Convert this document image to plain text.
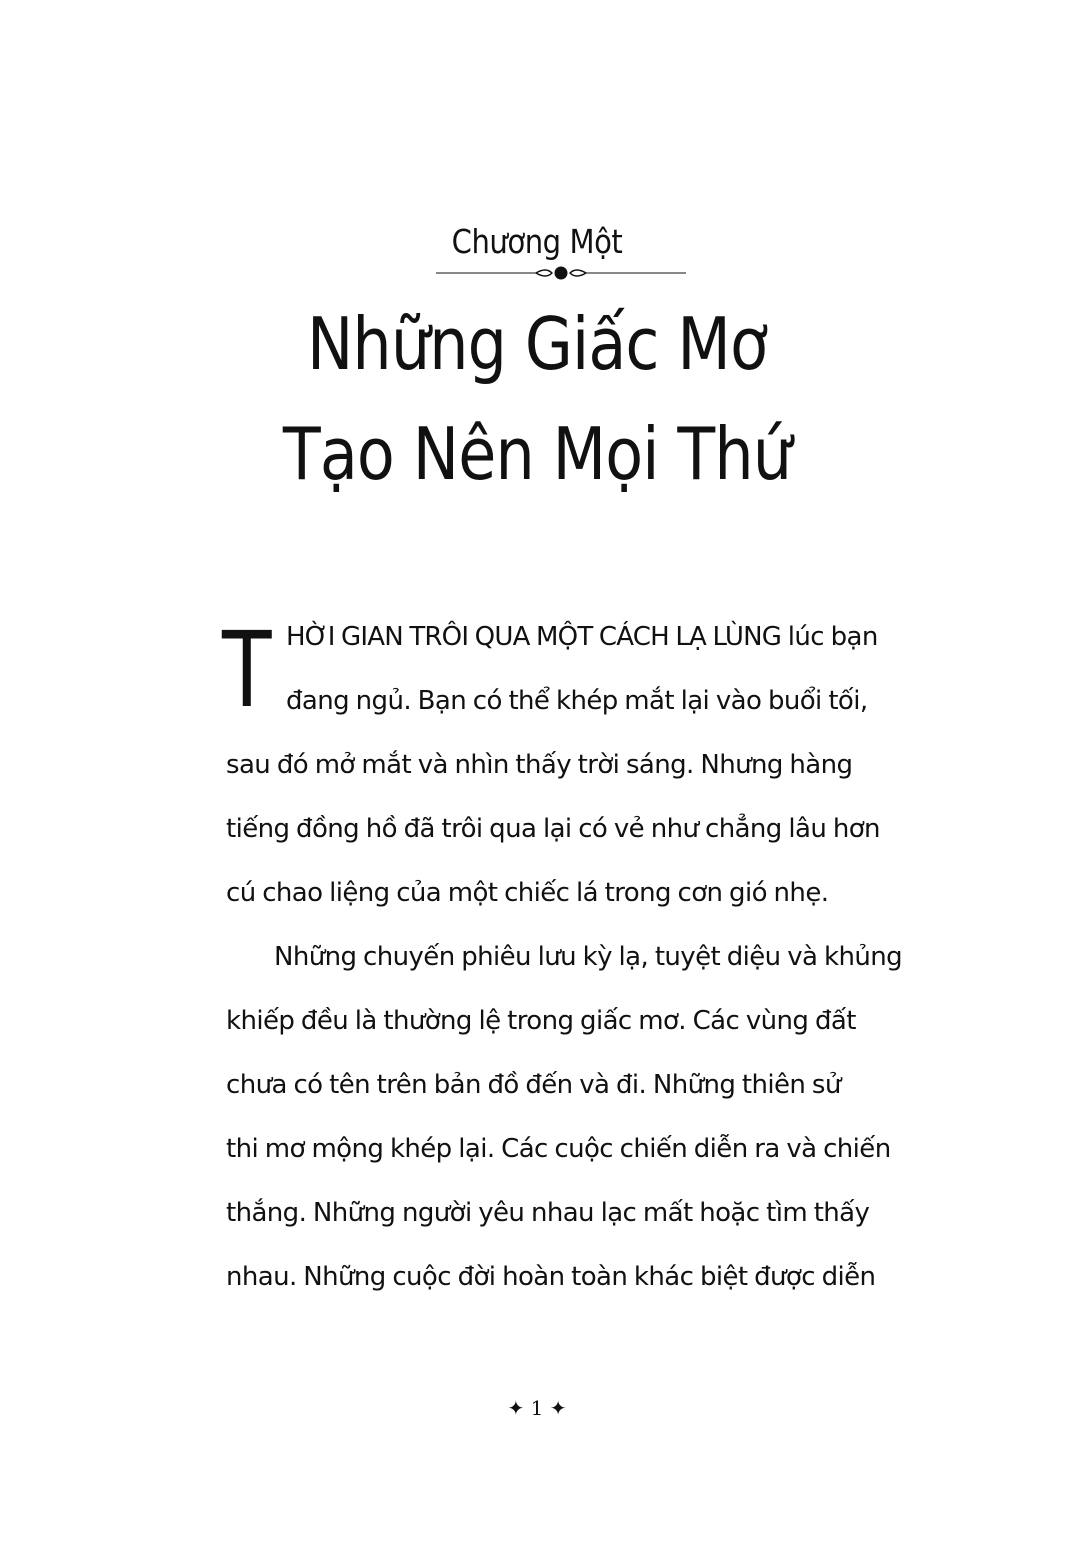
Chương Một
Những Giấc Mơ
Tạo Nên Mọi Thứ
T HỜI GIAN TRÔI QUA MỘT CÁCH LẠ LÙNG lúc bạn
đang ngủ. Bạn có thể khép mắt lại vào buổi tối,
sau đó mở mắt và nhìn thấy trời sáng. Nhưng hàng
tiếng đồng hồ đã trôi qua lại có vẻ như chẳng lâu hơn
cú chao liệng của một chiếc lá trong cơn gió nhẹ.
Những chuyến phiêu lưu kỳ lạ, tuyệt diệu và khủng
khiếp đều là thường lệ trong giấc mơ. Các vùng đất
chưa có tên trên bản đồ đến và đi. Những thiên sử
thi mơ mộng khép lại. Các cuộc chiến diễn ra và chiến
thắng. Những người yêu nhau lạc mất hoặc tìm thấy
nhau. Những cuộc đời hoàn toàn khác biệt được diễn
✦ 1 ✦
